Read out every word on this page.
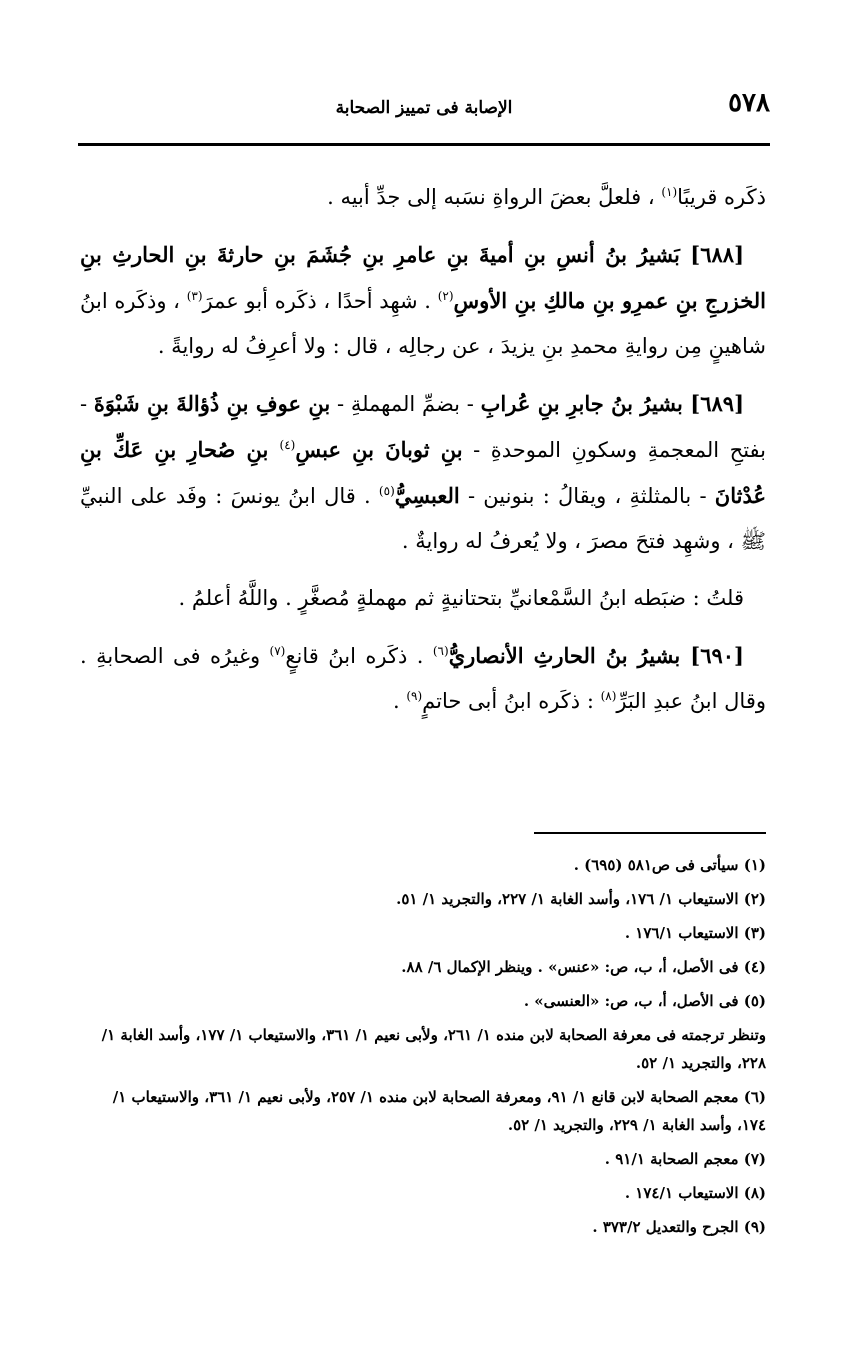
٥٧٨
الإصابة فى تمييز الصحابة

ذكَره قريبًا$^{(١)}$ ، فلعلَّ بعضَ الرواةِ نسَبه إلى جدِّ أبيه .

[٦٨٨] بَشيرُ بنُ أنسِ بنِ أميةَ بنِ عامرِ بنِ جُشَمَ بنِ حارثةَ بنِ الحارثِ بنِ الخزرجِ بنِ عمرِو بنِ مالكِ بنِ الأوسِ$^{(٢)}$ . شهِد أحدًا ، ذكَره أبو عمرَ$^{(٣)}$ ، وذكَره ابنُ شاهينٍ مِن روايةِ محمدِ بنِ يزيدَ ، عن رجالِه ، قال : ولا أعرِفُ له روايةً .

[٦٨٩] بشيرُ بنُ جابرِ بنِ عُرابِ - بضمِّ المهملةِ - بنِ عوفِ بنِ ذُؤالةَ بنِ شَبْوَةَ - بفتحِ المعجمةِ وسكونِ الموحدةِ - بنِ ثوبانَ بنِ عبسِ$^{(٤)}$ بنِ صُحارِ بنِ عَكِّ بنِ عُدْثانَ - بالمثلثةِ ، ويقالُ : بنونين - العبسِيُّ$^{(٥)}$ . قال ابنُ يونسَ : وفَد على النبيِّ ﷺ ، وشهِد فتحَ مصرَ ، ولا يُعرفُ له روايةٌ .

قلتُ : ضبَطه ابنُ السَّمْعانيِّ بتحتانيةٍ ثم مهملةٍ مُصغَّرٍ . واللَّهُ أعلمُ .

[٦٩٠] بشيرُ بنُ الحارثِ الأنصاريُّ$^{(٦)}$ . ذكَره ابنُ قانعٍ$^{(٧)}$ وغيرُه فى الصحابةِ . وقال ابنُ عبدِ البَرِّ$^{(٨)}$ : ذكَره ابنُ أبى حاتمٍ$^{(٩)}$ .

(١) سيأتى فى ص٥٨١ (٦٩٥) .

(٢) الاستيعاب ١/ ١٧٦، وأسد الغابة ١/ ٢٢٧، والتجريد ١/ ٥١.

(٣) الاستيعاب ١٧٦/١ .

(٤) فى الأصل، أ، ب، ص: «عنس» . وينظر الإكمال ٦/ ٨٨.

(٥) فى الأصل، أ، ب، ص: «العنسى» .

وتنظر ترجمته فى معرفة الصحابة لابن منده ١/ ٢٦١، ولأبى نعيم ١/ ٣٦١، والاستيعاب ١/ ١٧٧، وأسد الغابة ١/ ٢٢٨، والتجريد ١/ ٥٢.

(٦) معجم الصحابة لابن قانع ١/ ٩١، ومعرفة الصحابة لابن منده ١/ ٢٥٧، ولأبى نعيم ١/ ٣٦١، والاستيعاب ١/ ١٧٤، وأسد الغابة ١/ ٢٢٩، والتجريد ١/ ٥٢.

(٧) معجم الصحابة ٩١/١ .

(٨) الاستيعاب ١٧٤/١ .

(٩) الجرح والتعديل ٣٧٣/٢ .
